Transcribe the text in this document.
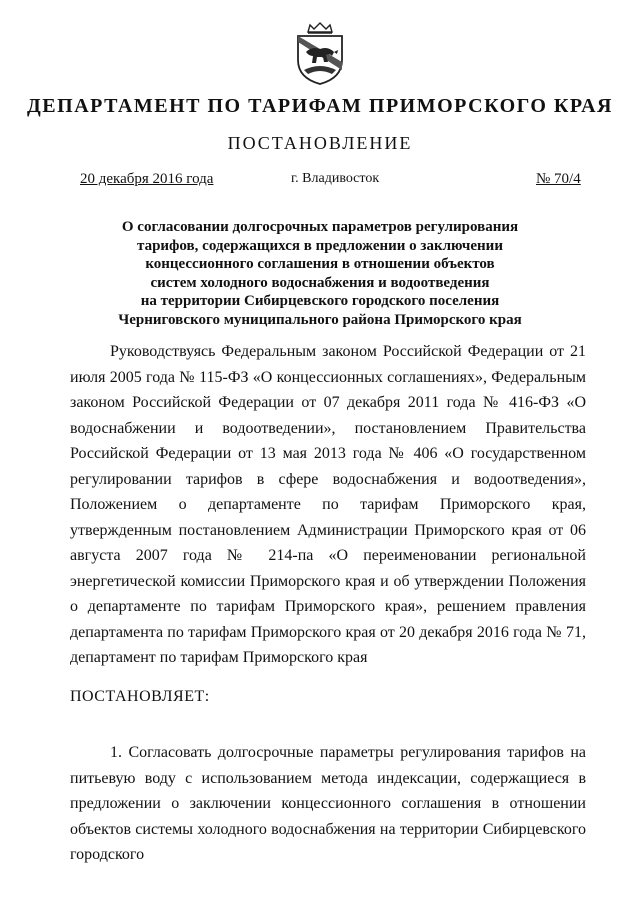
ДЕПАРТАМЕНТ ПО ТАРИФАМ ПРИМОРСКОГО КРАЯ
ПОСТАНОВЛЕНИЕ
20 декабря 2016 года	г. Владивосток	№ 70/4
О согласовании долгосрочных параметров регулирования
тарифов, содержащихся в предложении о заключении
концессионного соглашения в отношении объектов
систем холодного водоснабжения и водоотведения
на территории Сибирцевского городского поселения
Черниговского муниципального района Приморского края
Руководствуясь Федеральным законом Российской Федерации от 21 июля 2005 года № 115-ФЗ «О концессионных соглашениях», Федеральным законом Российской Федерации от 07 декабря 2011 года № 416-ФЗ «О водоснабжении и водоотведении», постановлением Правительства Российской Федерации от 13 мая 2013 года № 406 «О государственном регулировании тарифов в сфере водоснабжения и водоотведения», Положением о департаменте по тарифам Приморского края, утвержденным постановлением Администрации Приморского края от 06 августа 2007 года № 214-па «О переименовании региональной энергетической комиссии Приморского края и об утверждении Положения о департаменте по тарифам Приморского края», решением правления департамента по тарифам Приморского края от 20 декабря 2016 года № 71, департамент по тарифам Приморского края
ПОСТАНОВЛЯЕТ:
1. Согласовать долгосрочные параметры регулирования тарифов на питьевую воду с использованием метода индексации, содержащиеся в предложении о заключении концессионного соглашения в отношении объектов системы холодного водоснабжения на территории Сибирцевского городского
